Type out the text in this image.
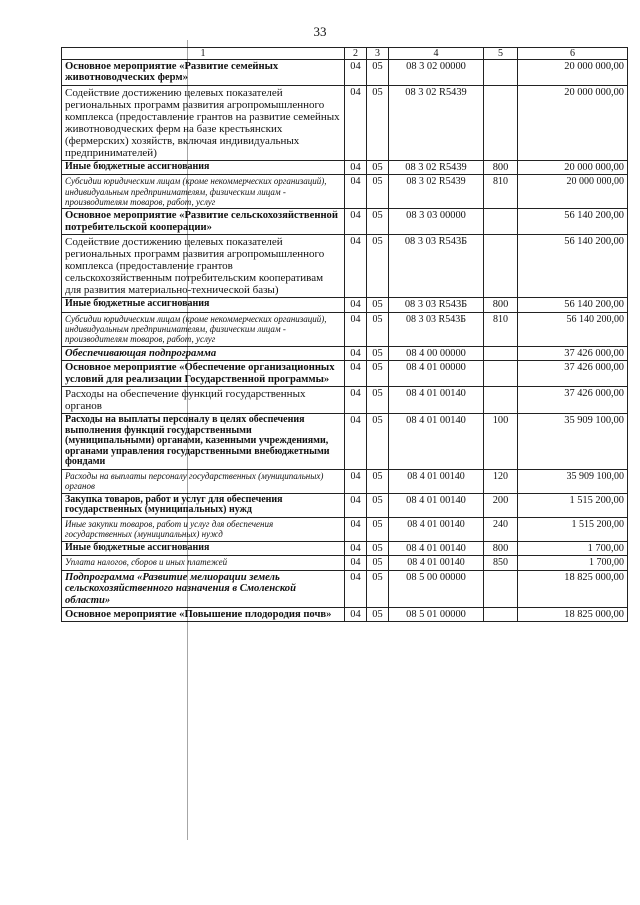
33
1	2	3	4	5	6
Основное мероприятие «Развитие семейных животноводческих ферм»	04	05	08 3 02 00000		20 000 000,00
Содействие достижению целевых показателей региональных программ развития агропромышленного комплекса (предоставление грантов на развитие семейных животноводческих ферм на базе крестьянских (фермерских) хозяйств, включая индивидуальных предпринимателей)	04	05	08 3 02 R5439		20 000 000,00
Иные бюджетные ассигнования	04	05	08 3 02 R5439	800	20 000 000,00
Субсидии юридическим лицам (кроме некоммерческих организаций), индивидуальным предпринимателям, физическим лицам - производителям товаров, работ, услуг	04	05	08 3 02 R5439	810	20 000 000,00
Основное мероприятие «Развитие сельскохозяйственной потребительской кооперации»	04	05	08 3 03 00000		56 140 200,00
Содействие достижению целевых показателей региональных программ развития агропромышленного комплекса (предоставление грантов сельскохозяйственным потребительским кооперативам для развития материально-технической базы)	04	05	08 3 03 R543Б		56 140 200,00
Иные бюджетные ассигнования	04	05	08 3 03 R543Б	800	56 140 200,00
Субсидии юридическим лицам (кроме некоммерческих организаций), индивидуальным предпринимателям, физическим лицам - производителям товаров, работ, услуг	04	05	08 3 03 R543Б	810	56 140 200,00
Обеспечивающая подпрограмма	04	05	08 4 00 00000		37 426 000,00
Основное мероприятие «Обеспечение организационных условий для реализации Государственной программы»	04	05	08 4 01 00000		37 426 000,00
Расходы на обеспечение функций государственных органов	04	05	08 4 01 00140		37 426 000,00
Расходы на выплаты персоналу в целях обеспечения выполнения функций государственными (муниципальными) органами, казенными учреждениями, органами управления государственными внебюджетными фондами	04	05	08 4 01 00140	100	35 909 100,00
Расходы на выплаты персоналу государственных (муниципальных) органов	04	05	08 4 01 00140	120	35 909 100,00
Закупка товаров, работ и услуг для обеспечения государственных (муниципальных) нужд	04	05	08 4 01 00140	200	1 515 200,00
Иные закупки товаров, работ и услуг для обеспечения государственных (муниципальных) нужд	04	05	08 4 01 00140	240	1 515 200,00
Иные бюджетные ассигнования	04	05	08 4 01 00140	800	1 700,00
Уплата налогов, сборов и иных платежей	04	05	08 4 01 00140	850	1 700,00
Подпрограмма «Развитие мелиорации земель сельскохозяйственного назначения в Смоленской области»	04	05	08 5 00 00000		18 825 000,00
Основное мероприятие «Повышение плодородия почв»	04	05	08 5 01 00000		18 825 000,00
